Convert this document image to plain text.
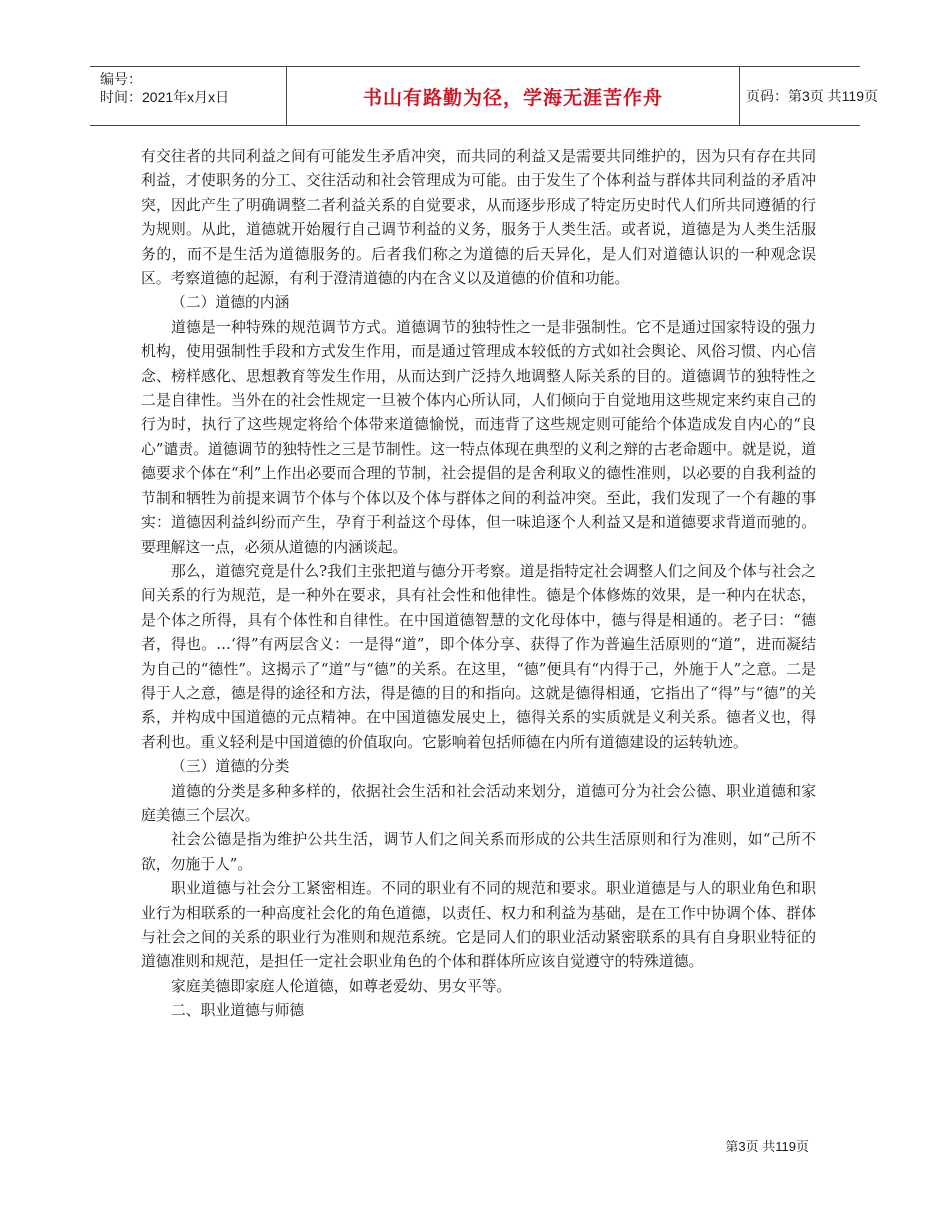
编号：
时间：2021年x月x日	书山有路勤为径，学海无涯苦作舟	页码：第3页 共119页

有交往者的共同利益之间有可能发生矛盾冲突，而共同的利益又是需要共同维护的，因为只有存在共同利益，才使职务的分工、交往活动和社会管理成为可能。由于发生了个体利益与群体共同利益的矛盾冲突，因此产生了明确调整二者利益关系的自觉要求，从而逐步形成了特定历史时代人们所共同遵循的行为规则。从此，道德就开始履行自己调节利益的义务，服务于人类生活。或者说，道德是为人类生活服务的，而不是生活为道德服务的。后者我们称之为道德的后天异化，是人们对道德认识的一种观念误区。考察道德的起源，有利于澄清道德的内在含义以及道德的价值和功能。

（二）道德的内涵

道德是一种特殊的规范调节方式。道德调节的独特性之一是非强制性。它不是通过国家特设的强力机构，使用强制性手段和方式发生作用，而是通过管理成本较低的方式如社会舆论、风俗习惯、内心信念、榜样感化、思想教育等发生作用，从而达到广泛持久地调整人际关系的目的。道德调节的独特性之二是自律性。当外在的社会性规定一旦被个体内心所认同，人们倾向于自觉地用这些规定来约束自己的行为时，执行了这些规定将给个体带来道德愉悦，而违背了这些规定则可能给个体造成发自内心的“良心”谴责。道德调节的独特性之三是节制性。这一特点体现在典型的义利之辩的古老命题中。就是说，道德要求个体在“利”上作出必要而合理的节制，社会提倡的是舍利取义的德性准则，以必要的自我利益的节制和牺牲为前提来调节个体与个体以及个体与群体之间的利益冲突。至此，我们发现了一个有趣的事实：道德因利益纠纷而产生，孕育于利益这个母体，但一味追逐个人利益又是和道德要求背道而驰的。要理解这一点，必须从道德的内涵谈起。

那么，道德究竟是什么?我们主张把道与德分开考察。道是指特定社会调整人们之间及个体与社会之间关系的行为规范，是一种外在要求，具有社会性和他律性。德是个体修炼的效果，是一种内在状态，是个体之所得，具有个体性和自律性。在中国道德智慧的文化母体中，德与得是相通的。老子曰：“德者，得也。…‘得”有两层含义：一是得“道”，即个体分享、获得了作为普遍生活原则的“道”，进而凝结为自己的“德性”。这揭示了“道”与“德”的关系。在这里，“德”便具有“内得于己，外施于人”之意。二是得于人之意，德是得的途径和方法，得是德的目的和指向。这就是德得相通，它指出了“得”与“德”的关系，并构成中国道德的元点精神。在中国道德发展史上，德得关系的实质就是义利关系。德者义也，得者利也。重义轻利是中国道德的价值取向。它影响着包括师德在内所有道德建设的运转轨迹。

（三）道德的分类

道德的分类是多种多样的，依据社会生活和社会活动来划分，道德可分为社会公德、职业道德和家庭美德三个层次。

社会公德是指为维护公共生活，调节人们之间关系而形成的公共生活原则和行为准则，如“己所不欲，勿施于人”。

职业道德与社会分工紧密相连。不同的职业有不同的规范和要求。职业道德是与人的职业角色和职业行为相联系的一种高度社会化的角色道德，以责任、权力和利益为基础，是在工作中协调个体、群体与社会之间的关系的职业行为准则和规范系统。它是同人们的职业活动紧密联系的具有自身职业特征的道德准则和规范，是担任一定社会职业角色的个体和群体所应该自觉遵守的特殊道德。

家庭美德即家庭人伦道德，如尊老爱幼、男女平等。

二、职业道德与师德

第3页 共119页
